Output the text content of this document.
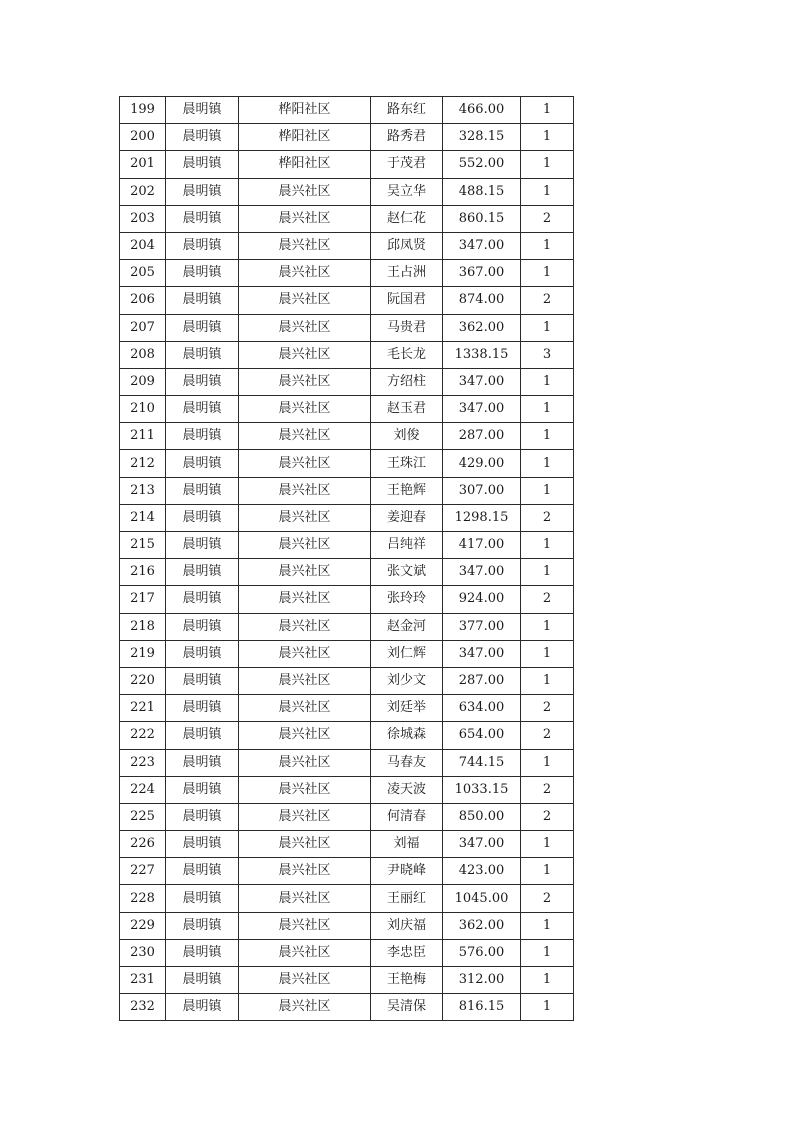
199	晨明镇	桦阳社区	路东红	466.00	1
200	晨明镇	桦阳社区	路秀君	328.15	1
201	晨明镇	桦阳社区	于茂君	552.00	1
202	晨明镇	晨兴社区	吴立华	488.15	1
203	晨明镇	晨兴社区	赵仁花	860.15	2
204	晨明镇	晨兴社区	邱凤贤	347.00	1
205	晨明镇	晨兴社区	王占洲	367.00	1
206	晨明镇	晨兴社区	阮国君	874.00	2
207	晨明镇	晨兴社区	马贵君	362.00	1
208	晨明镇	晨兴社区	毛长龙	1338.15	3
209	晨明镇	晨兴社区	方绍柱	347.00	1
210	晨明镇	晨兴社区	赵玉君	347.00	1
211	晨明镇	晨兴社区	刘俊	287.00	1
212	晨明镇	晨兴社区	王珠江	429.00	1
213	晨明镇	晨兴社区	王艳辉	307.00	1
214	晨明镇	晨兴社区	姜迎春	1298.15	2
215	晨明镇	晨兴社区	吕纯祥	417.00	1
216	晨明镇	晨兴社区	张文斌	347.00	1
217	晨明镇	晨兴社区	张玲玲	924.00	2
218	晨明镇	晨兴社区	赵金河	377.00	1
219	晨明镇	晨兴社区	刘仁辉	347.00	1
220	晨明镇	晨兴社区	刘少文	287.00	1
221	晨明镇	晨兴社区	刘廷举	634.00	2
222	晨明镇	晨兴社区	徐城森	654.00	2
223	晨明镇	晨兴社区	马春友	744.15	1
224	晨明镇	晨兴社区	凌天波	1033.15	2
225	晨明镇	晨兴社区	何清春	850.00	2
226	晨明镇	晨兴社区	刘福	347.00	1
227	晨明镇	晨兴社区	尹晓峰	423.00	1
228	晨明镇	晨兴社区	王丽红	1045.00	2
229	晨明镇	晨兴社区	刘庆福	362.00	1
230	晨明镇	晨兴社区	李忠臣	576.00	1
231	晨明镇	晨兴社区	王艳梅	312.00	1
232	晨明镇	晨兴社区	吴清保	816.15	1
